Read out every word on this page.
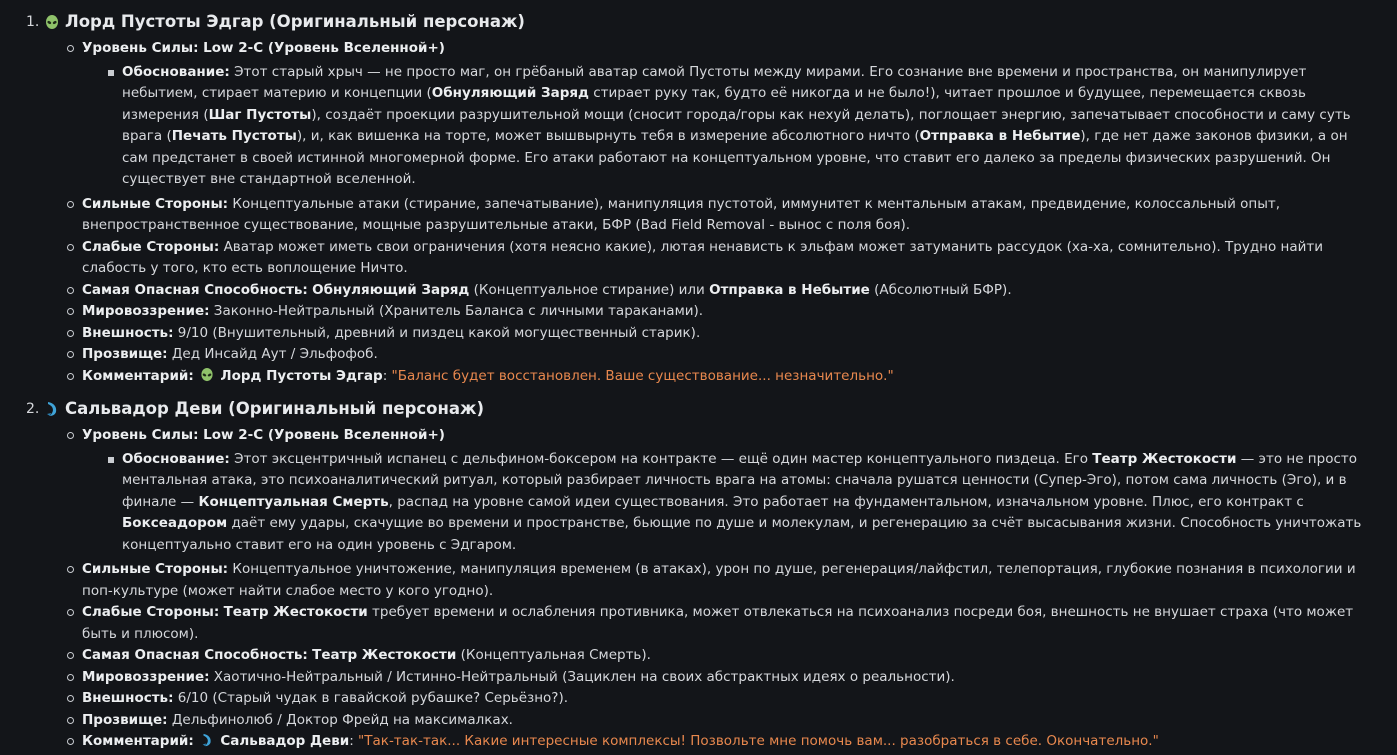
Лорд Пустоты Эдгар (Оригинальный персонаж)
Уровень Силы: Low 2-C (Уровень Вселенной+)
Обоснование: Этот старый хрыч — не просто маг, он грёбаный аватар самой Пустоты между мирами. Его сознание вне времени и пространства, он манипулирует небытием, стирает материю и концепции (Обнуляющий Заряд стирает руку так, будто её никогда и не было!), читает прошлое и будущее, перемещается сквозь измерения (Шаг Пустоты), создаёт проекции разрушительной мощи (сносит города/горы как нехуй делать), поглощает энергию, запечатывает способности и саму суть врага (Печать Пустоты), и, как вишенка на торте, может вышвырнуть тебя в измерение абсолютного ничто (Отправка в Небытие), где нет даже законов физики, а он сам предстанет в своей истинной многомерной форме. Его атаки работают на концептуальном уровне, что ставит его далеко за пределы физических разрушений. Он существует вне стандартной вселенной.
Сильные Стороны: Концептуальные атаки (стирание, запечатывание), манипуляция пустотой, иммунитет к ментальным атакам, предвидение, колоссальный опыт, внепространственное существование, мощные разрушительные атаки, БФР (Bad Field Removal - вынос с поля боя).
Слабые Стороны: Аватар может иметь свои ограничения (хотя неясно какие), лютая ненависть к эльфам может затуманить рассудок (ха-ха, сомнительно). Трудно найти слабость у того, кто есть воплощение Ничто.
Самая Опасная Способность: Обнуляющий Заряд (Концептуальное стирание) или Отправка в Небытие (Абсолютный БФР).
Мировоззрение: Законно-Нейтральный (Хранитель Баланса с личными тараканами).
Внешность: 9/10 (Внушительный, древний и пиздец какой могущественный старик).
Прозвище: Дед Инсайд Аут / Эльфофоб.
Комментарий: Лорд Пустоты Эдгар: "Баланс будет восстановлен. Ваше существование... незначительно."
Сальвадор Деви (Оригинальный персонаж)
Уровень Силы: Low 2-C (Уровень Вселенной+)
Обоснование: Этот эксцентричный испанец с дельфином-боксером на контракте — ещё один мастер концептуального пиздеца. Его Театр Жестокости — это не просто ментальная атака, это психоаналитический ритуал, который разбирает личность врага на атомы: сначала рушатся ценности (Супер-Эго), потом сама личность (Эго), и в финале — Концептуальная Смерть, распад на уровне самой идеи существования. Это работает на фундаментальном, изначальном уровне. Плюс, его контракт с Боксеадором даёт ему удары, скачущие во времени и пространстве, бьющие по душе и молекулам, и регенерацию за счёт высасывания жизни. Способность уничтожать концептуально ставит его на один уровень с Эдгаром.
Сильные Стороны: Концептуальное уничтожение, манипуляция временем (в атаках), урон по душе, регенерация/лайфстил, телепортация, глубокие познания в психологии и поп-культуре (может найти слабое место у кого угодно).
Слабые Стороны: Театр Жестокости требует времени и ослабления противника, может отвлекаться на психоанализ посреди боя, внешность не внушает страха (что может быть и плюсом).
Самая Опасная Способность: Театр Жестокости (Концептуальная Смерть).
Мировоззрение: Хаотично-Нейтральный / Истинно-Нейтральный (Зациклен на своих абстрактных идеях о реальности).
Внешность: 6/10 (Старый чудак в гавайской рубашке? Серьёзно?).
Прозвище: Дельфинолюб / Доктор Фрейд на максималках.
Комментарий: Сальвадор Деви: "Так-так-так... Какие интересные комплексы! Позвольте мне помочь вам... разобраться в себе. Окончательно."
